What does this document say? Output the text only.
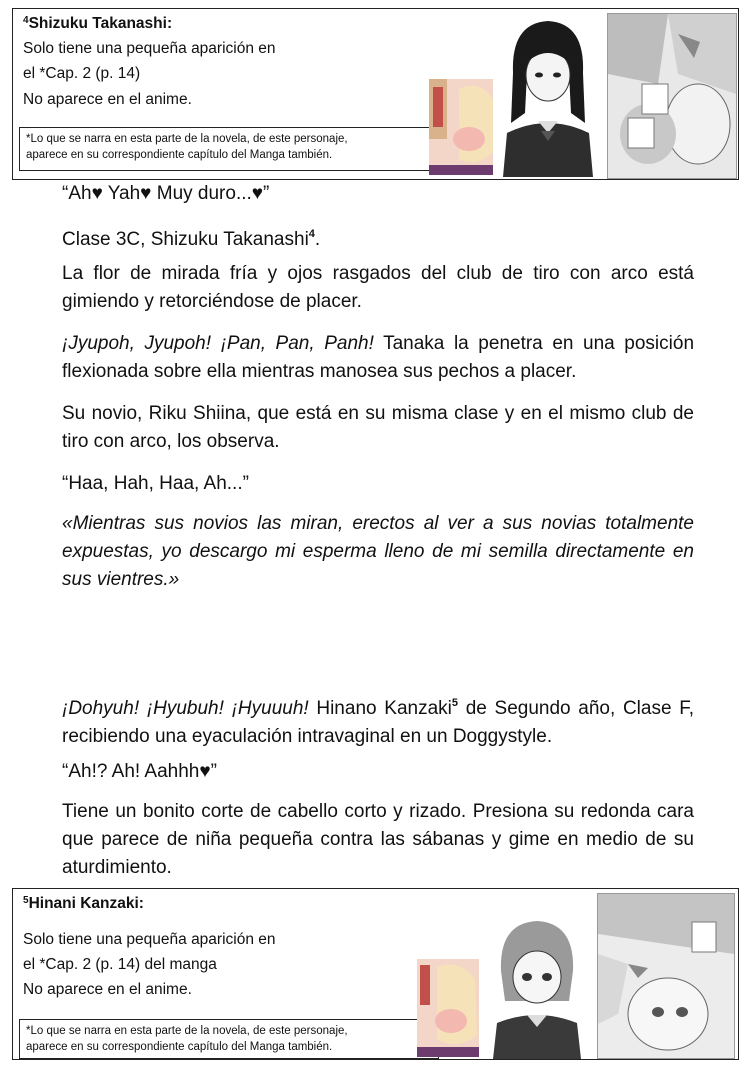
$^4$Shizuku Takanashi:
Solo tiene una pequeña aparición en
el *Cap. 2 (p. 14)
No aparece en el anime.
*Lo que se narra en esta parte de la novela, de este personaje,
aparece en su correspondiente capítulo del Manga también.
“Ah♥ Yah♥ Muy duro...♥”
Clase 3C, Shizuku Takanashi$^4$.
La flor de mirada fría y ojos rasgados del club de tiro con arco está gimiendo y retorciéndose de placer.
¡Jyupoh, Jyupoh! ¡Pan, Pan, Panh! Tanaka la penetra en una posición flexionada sobre ella mientras manosea sus pechos a placer.
Su novio, Riku Shiina, que está en su misma clase y en el mismo club de tiro con arco, los observa.
“Haa, Hah, Haa, Ah...”
«Mientras sus novios las miran, erectos al ver a sus novias totalmente expuestas, yo descargo mi esperma lleno de mi semilla directamente en sus vientres.»
¡Dohyuh! ¡Hyubuh! ¡Hyuuuh! Hinano Kanzaki$^5$ de Segundo año, Clase F, recibiendo una eyaculación intravaginal en un Doggystyle.
“Ah!? Ah! Aahhh♥”
Tiene un bonito corte de cabello corto y rizado. Presiona su redonda cara que parece de niña pequeña contra las sábanas y gime en medio de su aturdimiento.
$^5$Hinani Kanzaki:
Solo tiene una pequeña aparición en
el *Cap. 2 (p. 14) del manga
No aparece en el anime.
*Lo que se narra en esta parte de la novela, de este personaje,
aparece en su correspondiente capítulo del Manga también.
